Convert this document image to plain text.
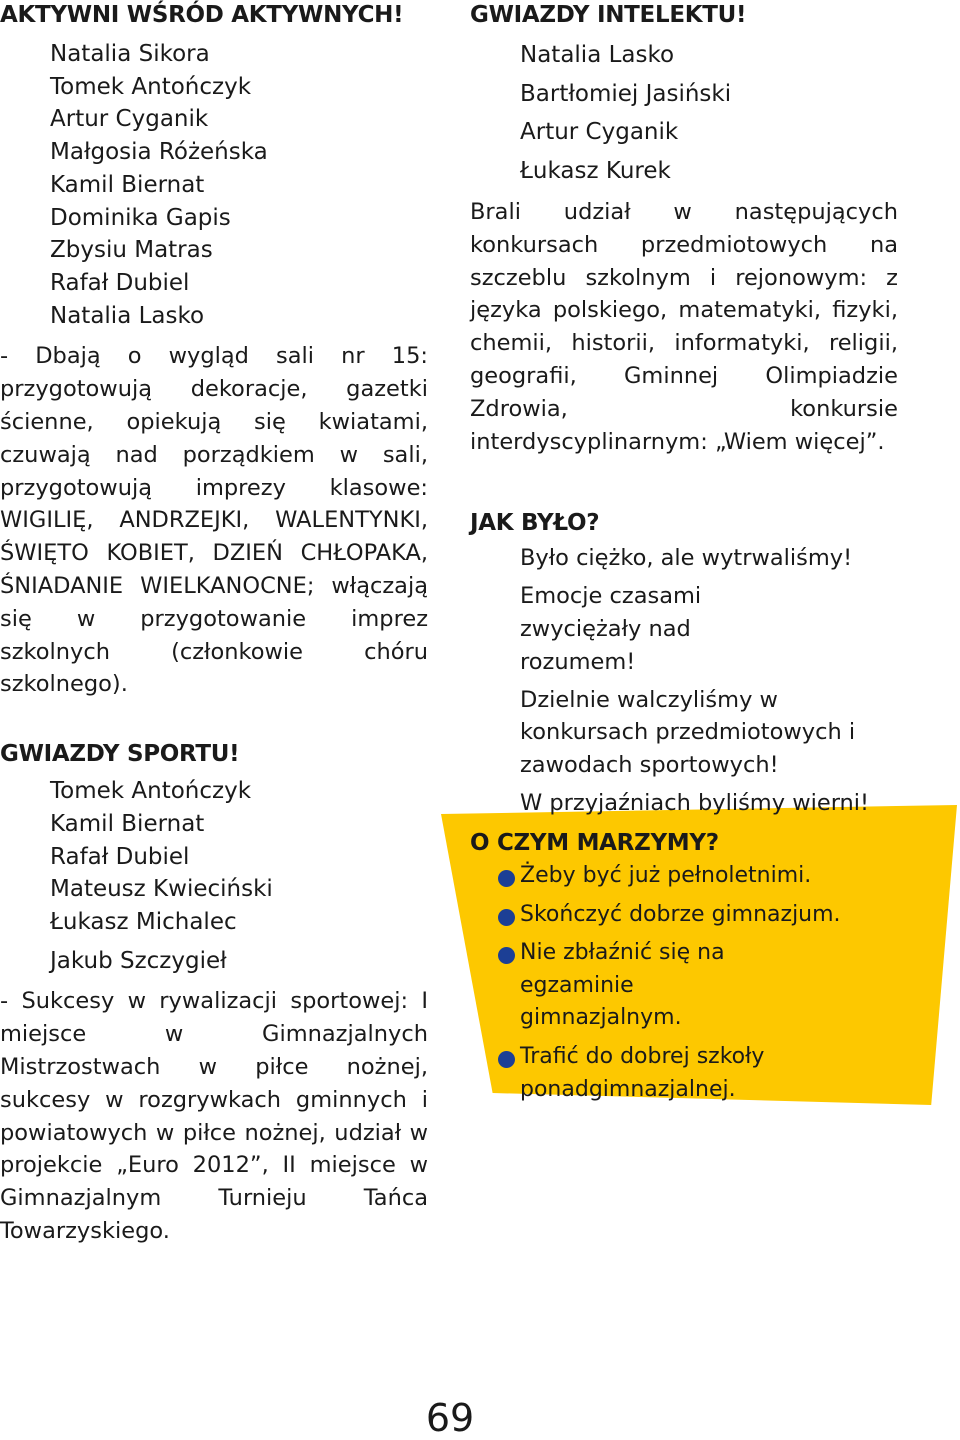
AKTYWNI WŚRÓD AKTYWNYCH!
Natalia Sikora
Tomek Antończyk
Artur Cyganik
Małgosia Różeńska
Kamil Biernat
Dominika Gapis
Zbysiu Matras
Rafał Dubiel
Natalia Lasko

- Dbają o wygląd sali nr 15: przygotowują dekoracje, gazetki ścienne, opiekują się kwiatami, czuwają nad porządkiem w sali, przygotowują imprezy klasowe: WIGILIĘ, ANDRZEJKI, WALENTYNKI, ŚWIĘTO KOBIET, DZIEŃ CHŁOPAKA, ŚNIADANIE WIELKANOCNE; włączają się w przygotowanie imprez szkolnych (członkowie chóru szkolnego).

GWIAZDY SPORTU!
Tomek Antończyk
Kamil Biernat
Rafał Dubiel
Mateusz Kwieciński
Łukasz Michalec
Jakub Szczygieł

- Sukcesy w rywalizacji sportowej: I miejsce w Gimnazjalnych Mistrzostwach w piłce nożnej, sukcesy w rozgrywkach gminnych i powiatowych w piłce nożnej, udział w projekcie „Euro 2012”, II miejsce w Gimnazjalnym Turnieju Tańca Towarzyskiego.

GWIAZDY INTELEKTU!
Natalia Lasko
Bartłomiej Jasiński
Artur Cyganik
Łukasz Kurek

Brali udział w następujących konkursach przedmiotowych na szczeblu szkolnym i rejonowym: z języka polskiego, matematyki, fizyki, chemii, historii, informatyki, religii, geografii, Gminnej Olimpiadzie Zdrowia, konkursie interdyscyplinarnym: „Wiem więcej”.

JAK BYŁO?

Było ciężko, ale wytrwaliśmy!

Emocje czasami zwyciężały nad rozumem!

Dzielnie walczyliśmy w konkursach przedmiotowych i zawodach sportowych!

W przyjaźniach byliśmy wierni!

O CZYM MARZYMY?
Żeby być już pełnoletnimi.
Skończyć dobrze gimnazjum.
Nie zbłaźnić się na egzaminie gimnazjalnym.
Trafić do dobrej szkoły ponadgimnazjalnej.
69
